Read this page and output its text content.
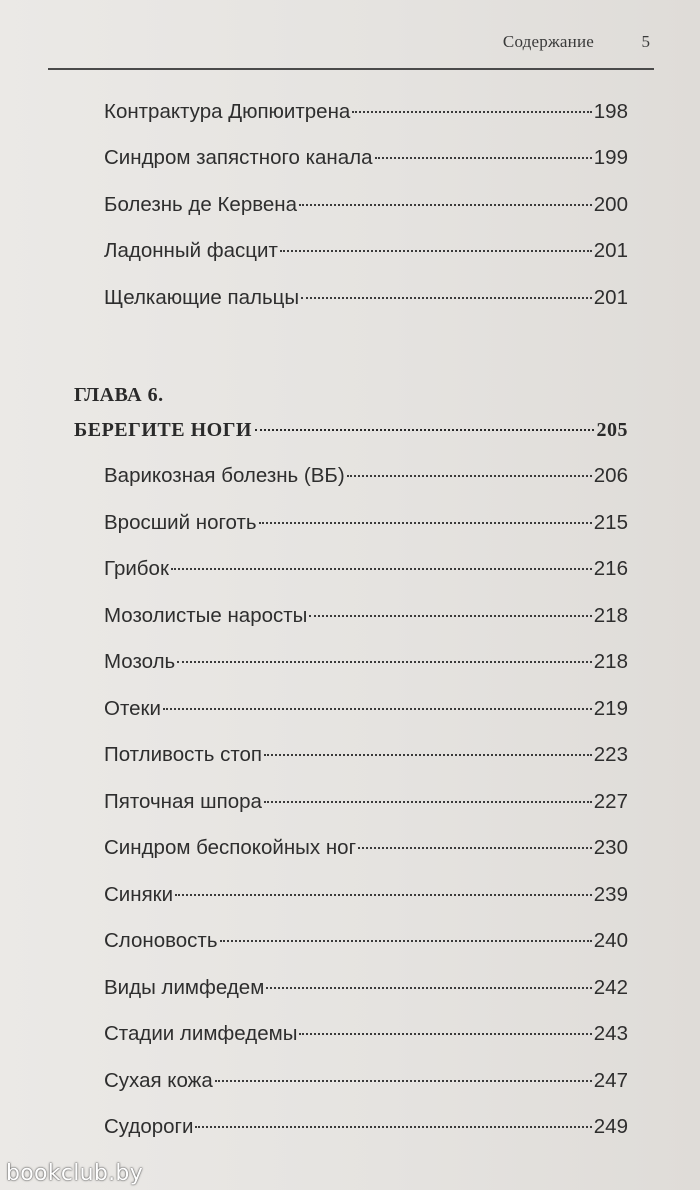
Содержание	5
Контрактура Дюпюитрена	198
Синдром запястного канала	199
Болезнь де Кервена	200
Ладонный фасцит	201
Щелкающие пальцы	201
ГЛАВА 6.
БЕРЕГИТЕ НОГИ	205
Варикозная болезнь (ВБ)	206
Вросший ноготь	215
Грибок	216
Мозолистые наросты	218
Мозоль	218
Отеки	219
Потливость стоп	223
Пяточная шпора	227
Синдром беспокойных ног	230
Синяки	239
Слоновость	240
Виды лимфедем	242
Стадии лимфедемы	243
Сухая кожа	247
Судороги	249
bookclub.by
